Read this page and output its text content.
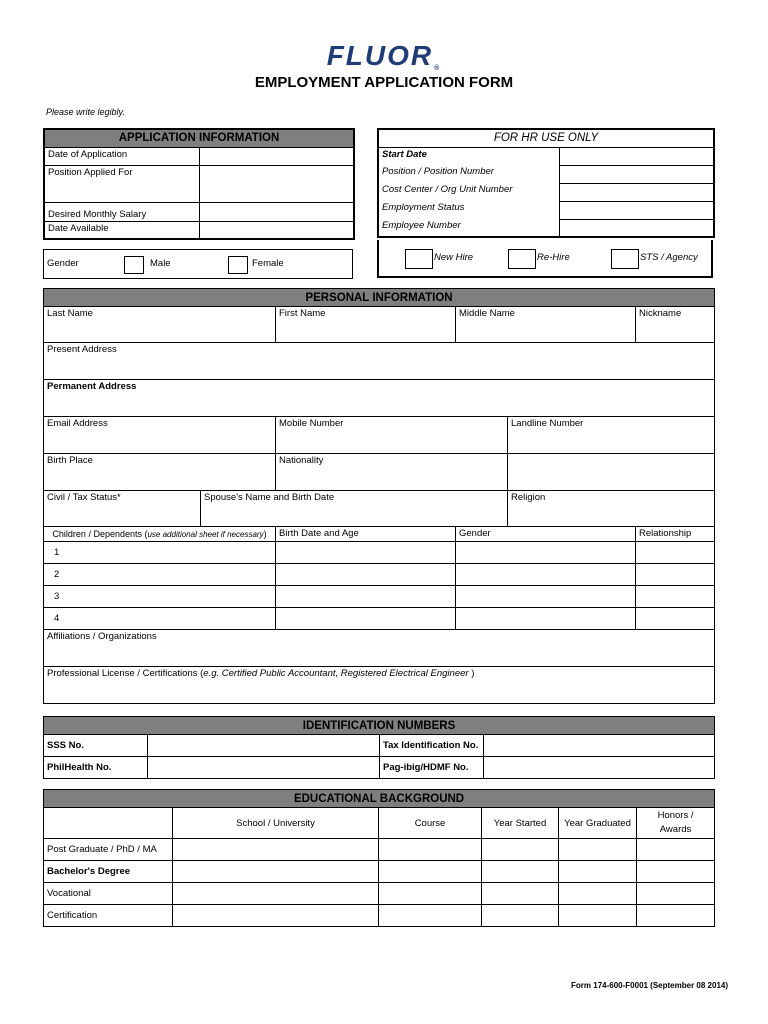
FLUOR®
EMPLOYMENT APPLICATION FORM
Please write legibly.
APPLICATION INFORMATION	
Date of Application	
Position Applied For	
Desired Monthly Salary	
Date Available	
Gender	Male	Female
FOR HR USE ONLY	
Start Date	
Position / Position Number	
Cost Center / Org Unit Number	
Employment Status	
Employee Number	
New Hire	Re-Hire	STS / Agency
PERSONAL INFORMATION					
Last Name		First Name	Middle Name		Nickname
Present Address					
Permanent Address					
Email Address		Mobile Number		Landline Number	
Birth Place		Nationality			
Civil / Tax Status*	Spouse's Name and Birth Date			Religion	
Children / Dependents (use additional sheet if necessary)		Birth Date and Age	Gender		Relationship
1					
2					
3					
4					
Affiliations / Organizations					
Professional License / Certifications (e.g. Certified Public Accountant, Registered Electrical Engineer )					
IDENTIFICATION NUMBERS			
SSS No.		Tax Identification No.	
PhilHealth No.		Pag-ibig/HDMF No.	
EDUCATIONAL BACKGROUND					
	School / University	Course	Year Started	Year Graduated	Honors /
Awards
Post Graduate / PhD / MA					
Bachelor's Degree					
Vocational					
Certification					
Form 174-600-F0001 (September 08 2014)
